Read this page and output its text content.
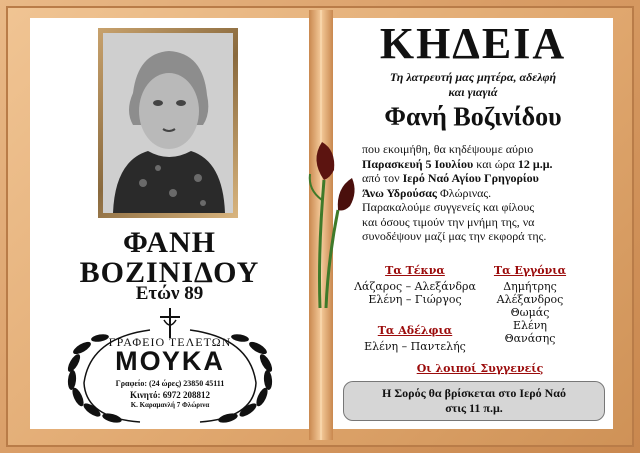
ΦΑΝΗ
ΒΟΖΙΝΙΔΟΥ
Ετών 89
ΓΡΑΦΕΙΟ ΤΕΛΕΤΩΝ
ΜΟΥΚΑ
Γραφείο: (24 ώρες) 23850 45111
Κινητό: 6972 208812
Κ. Καραμανλή 7 Φλώρινα
ΚΗΔΕΙΑ
Τη λατρευτή μας μητέρα, αδελφή
και γιαγιά
Φανή Βοζινίδου
που εκοιμήθη, θα κηδέψουμε αύριο
Παρασκευή 5 Ιουλίου και ώρα 12 μ.μ.
από τον Ιερό Ναό Αγίου Γρηγορίου
Άνω Υδρούσας Φλώρινας.
Παρακαλούμε συγγενείς και φίλους
και όσους τιμούν την μνήμη της, να
συνοδέψουν μαζί μας την εκφορά της.
Τα Τέκνα
Λάζαρος – Αλεξάνδρα
Ελένη – Γιώργος
Τα Εγγόνια
Δημήτρης
Αλέξανδρος
Θωμάς
Ελένη
Θανάσης
Τα Αδέλφια
Ελένη – Παντελής
Οι λοιποί Συγγενείς
Η Σορός θα βρίσκεται στο Ιερό Ναό
στις 11 π.μ.
